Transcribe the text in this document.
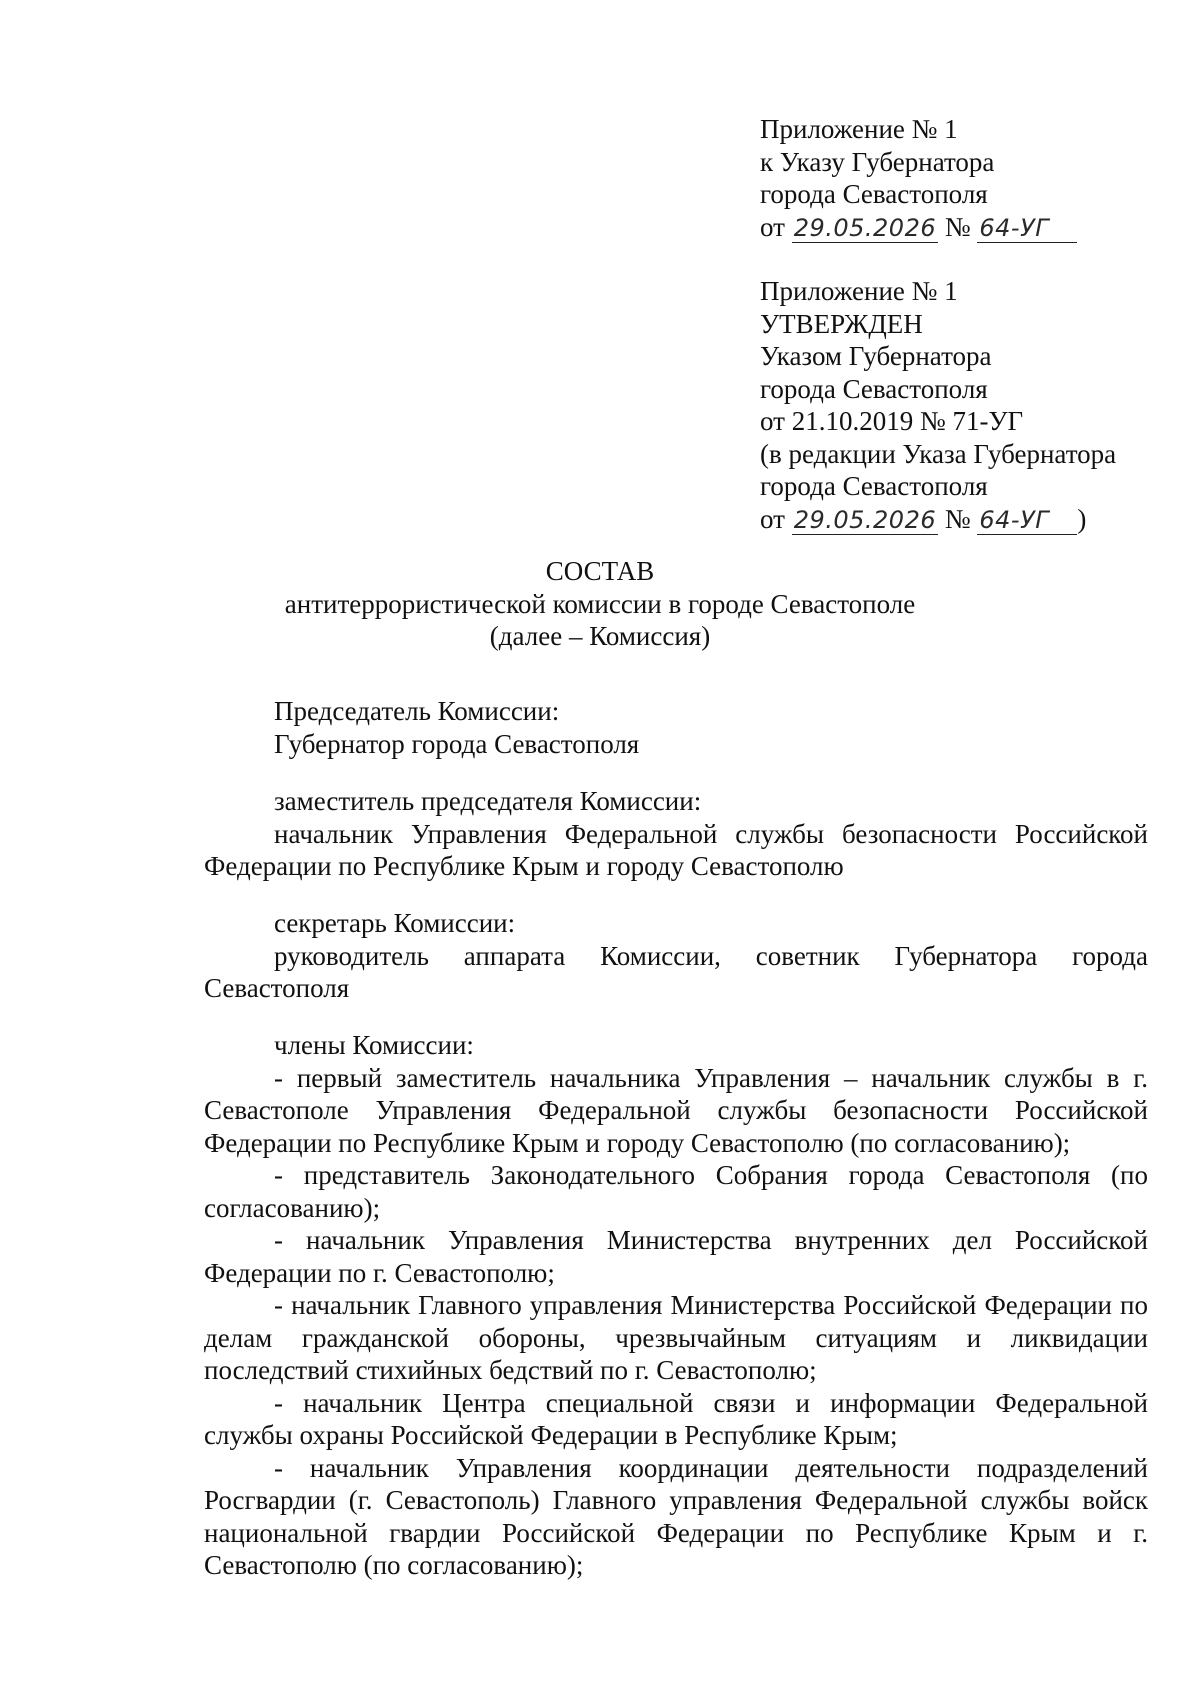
Приложение № 1
к Указу Губернатора
города Севастополя
от 29.05.2026 № 64-УГ
Приложение № 1
УТВЕРЖДЕН
Указом Губернатора
города Севастополя
от 21.10.2019 № 71-УГ
(в редакции Указа Губернатора
города Севастополя
от 29.05.2026 № 64-УГ )
СОСТАВ
антитеррористической комиссии в городе Севастополе
(далее – Комиссия)

Председатель Комиссии:

Губернатор города Севастополя

заместитель председателя Комиссии:

начальник Управления Федеральной службы безопасности Российской Федерации по Республике Крым и городу Севастополю

секретарь Комиссии:

руководитель аппарата Комиссии, советник Губернатора города Севастополя

члены Комиссии:

- первый заместитель начальника Управления – начальник службы в г. Севастополе Управления Федеральной службы безопасности Российской Федерации по Республике Крым и городу Севастополю (по согласованию);

- представитель Законодательного Собрания города Севастополя (по согласованию);

- начальник Управления Министерства внутренних дел Российской Федерации по г. Севастополю;

- начальник Главного управления Министерства Российской Федерации по делам гражданской обороны, чрезвычайным ситуациям и ликвидации последствий стихийных бедствий по г. Севастополю;

- начальник Центра специальной связи и информации Федеральной службы охраны Российской Федерации в Республике Крым;

- начальник Управления координации деятельности подразделений Росгвардии (г. Севастополь) Главного управления Федеральной службы войск национальной гвардии Российской Федерации по Республике Крым и г. Севастополю (по согласованию);
